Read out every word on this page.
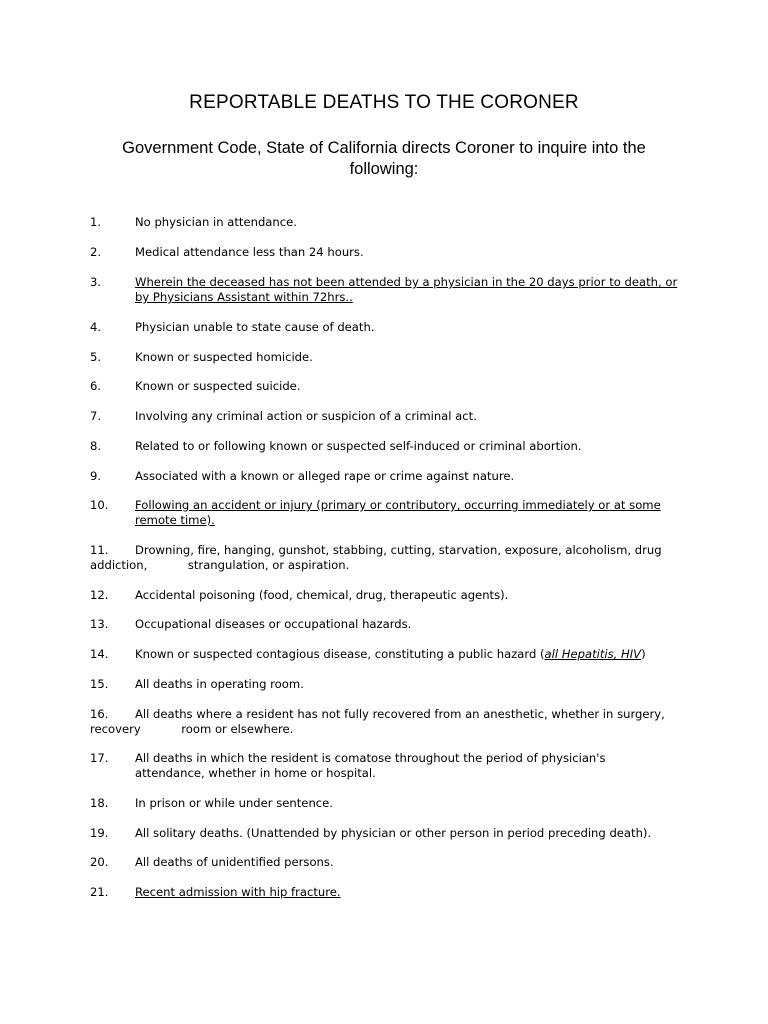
REPORTABLE DEATHS TO THE CORONER
Government Code, State of California directs Coroner to inquire into the following:
1.	No physician in attendance.
2.	Medical attendance less than 24 hours.
3.	Wherein the deceased has not been attended by a physician in the 20 days prior to death, or by Physicians Assistant within 72hrs..
4.	Physician unable to state cause of death.
5.	Known or suspected homicide.
6.	Known or suspected suicide.
7.	Involving any criminal action or suspicion of a criminal act.
8.	Related to or following known or suspected self-induced or criminal abortion.
9.	Associated with a known or alleged rape or crime against nature.
10. Following an accident or injury (primary or contributory, occurring immediately or at some remote time).
11. Drowning, fire, hanging, gunshot, stabbing, cutting, starvation, exposure, alcoholism, drug
addiction,           strangulation, or aspiration.
12. Accidental poisoning (food, chemical, drug, therapeutic agents).
13. Occupational diseases or occupational hazards.
14. Known or suspected contagious disease, constituting a public hazard (all Hepatitis, HIV)
15. All deaths in operating room.
16. All deaths where a resident has not fully recovered from an anesthetic, whether in surgery,
recovery           room or elsewhere.
17. All deaths in which the resident is comatose throughout the period of physician's attendance, whether in home or hospital.
18. In prison or while under sentence.
19. All solitary deaths. (Unattended by physician or other person in period preceding death).
20. All deaths of unidentified persons.
21. Recent admission with hip fracture.
